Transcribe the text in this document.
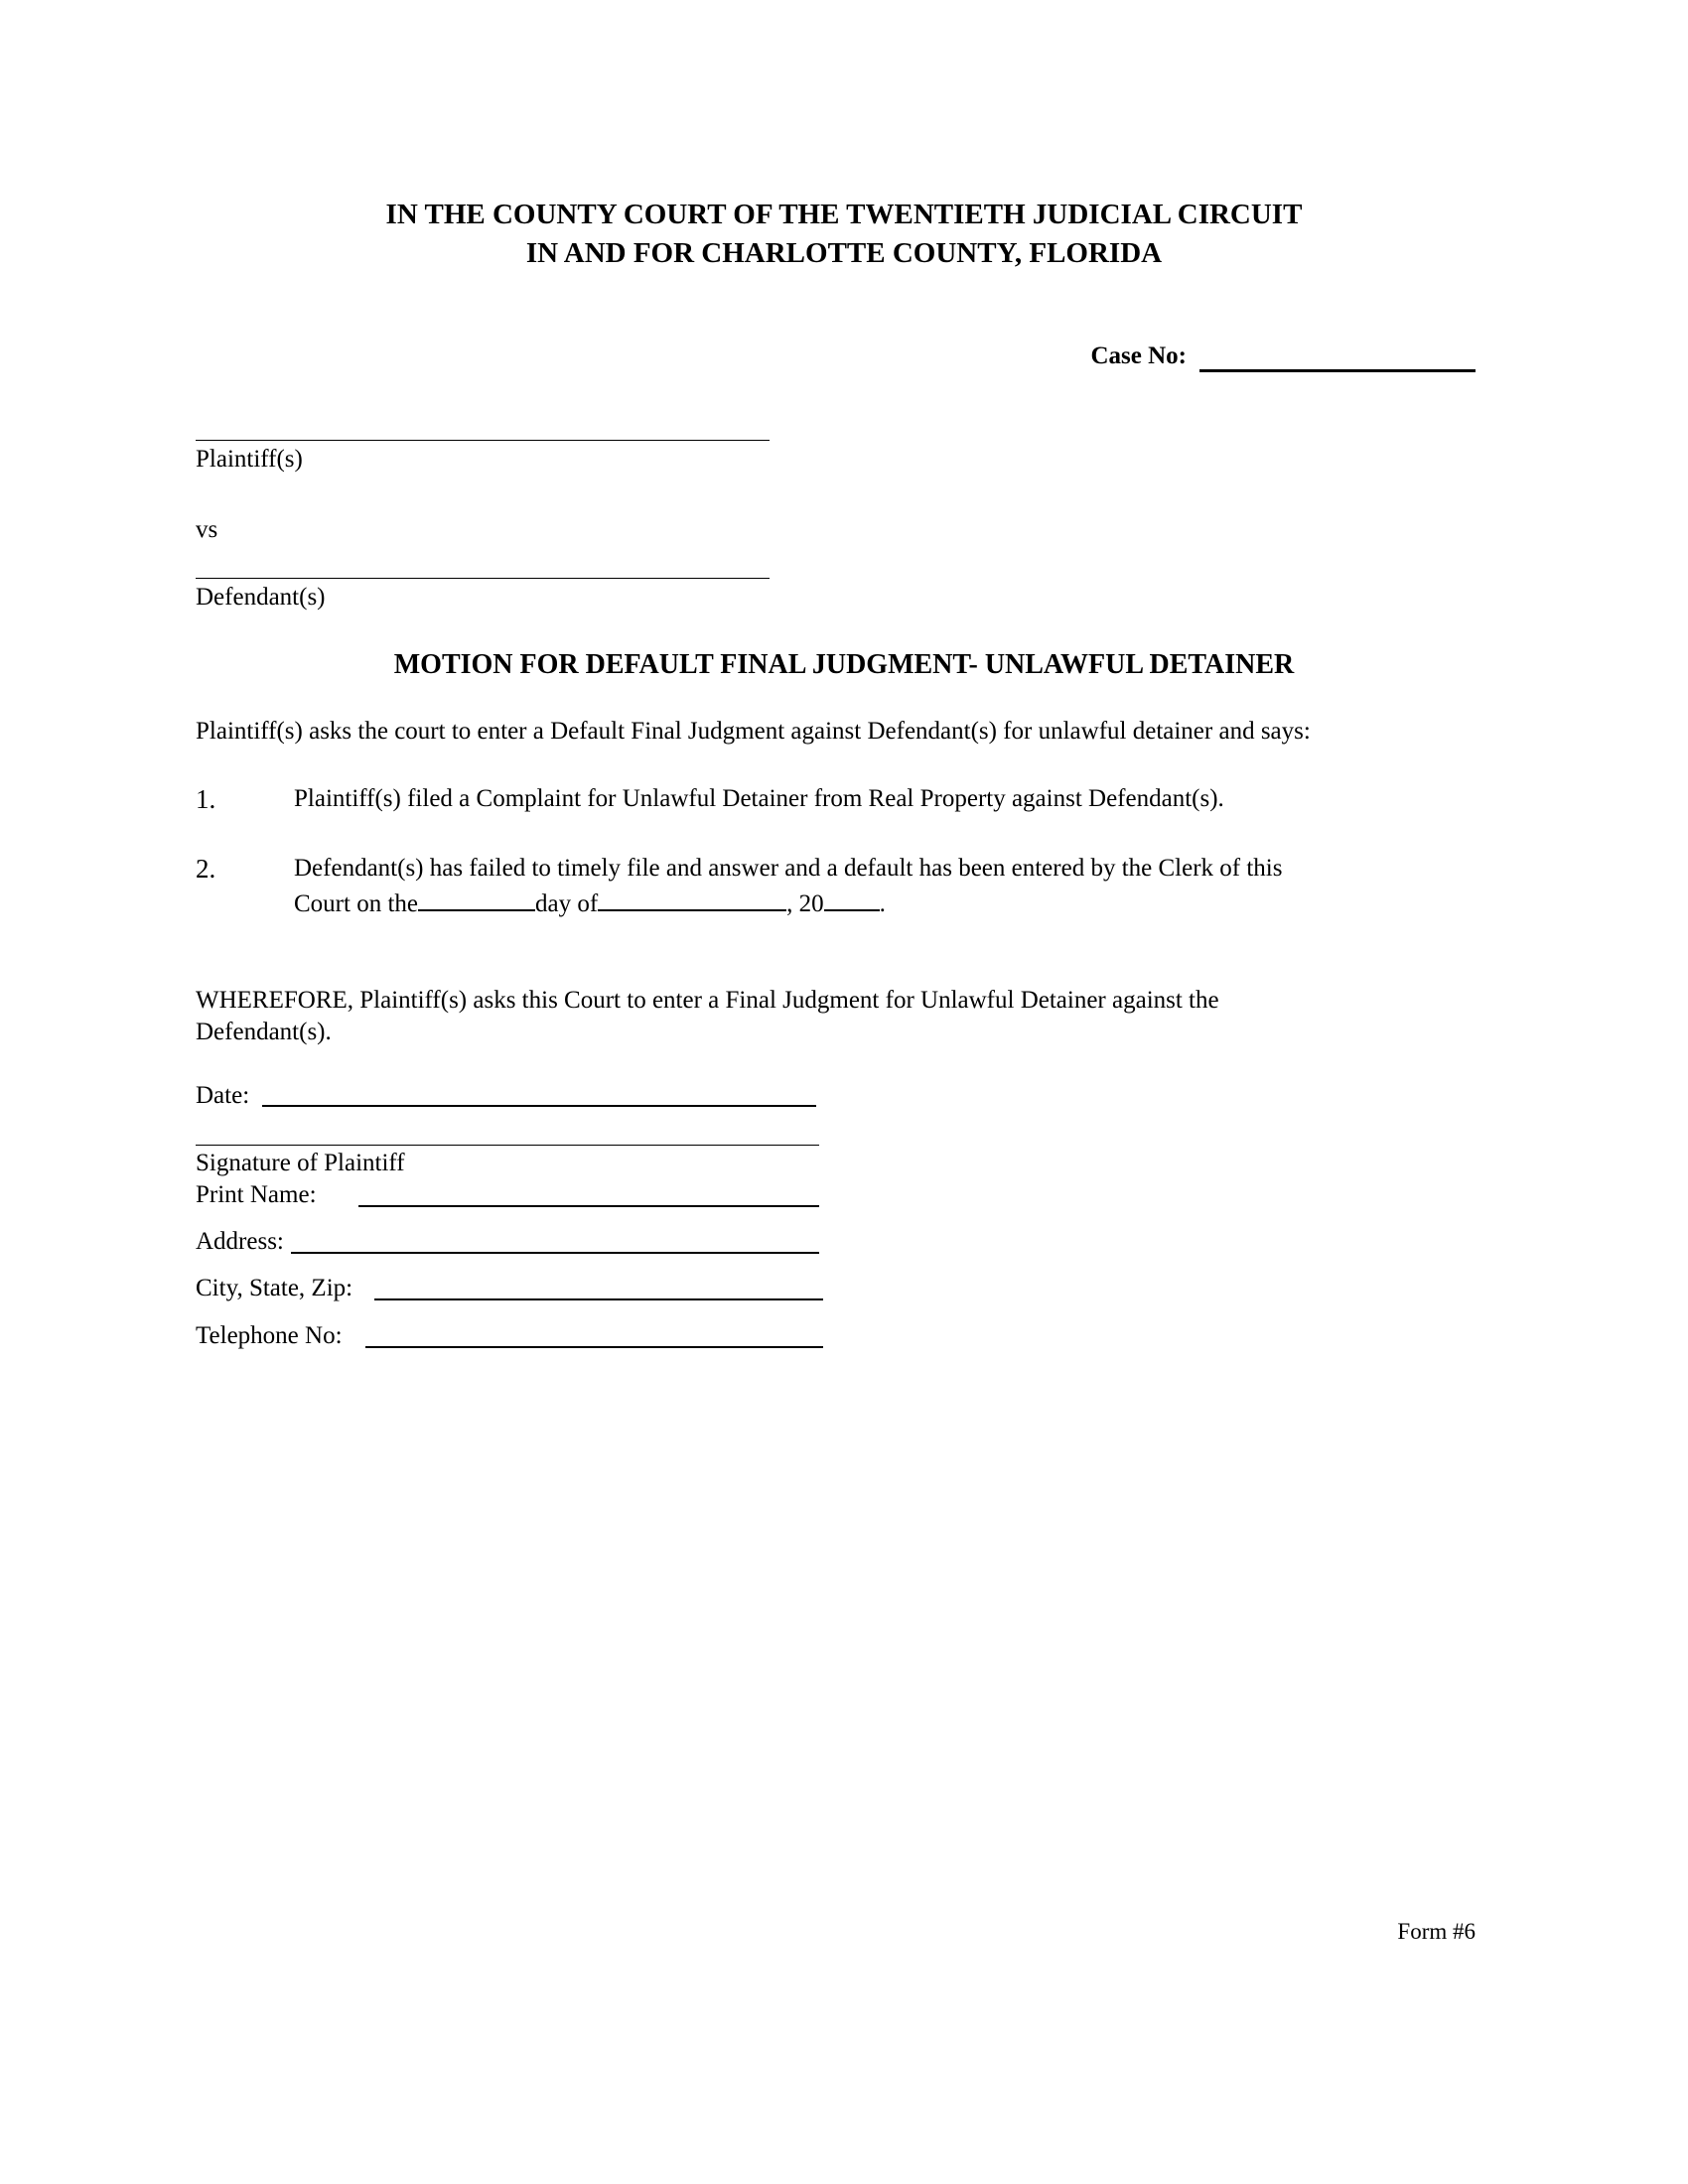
IN THE COUNTY COURT OF THE TWENTIETH JUDICIAL CIRCUIT
IN AND FOR CHARLOTTE COUNTY, FLORIDA
Case No:
Plaintiff(s)
vs
Defendant(s)
MOTION FOR DEFAULT FINAL JUDGMENT- UNLAWFUL DETAINER
Plaintiff(s) asks the court to enter a Default Final Judgment against Defendant(s) for unlawful detainer and says:
1.	Plaintiff(s) filed a Complaint for Unlawful Detainer from Real Property against Defendant(s).
2.	Defendant(s) has failed to timely file and answer and a default has been entered by the Clerk of this
Court on the	day of	, 20 .
WHEREFORE, Plaintiff(s) asks this Court to enter a Final Judgment for Unlawful Detainer against the
Defendant(s).
Date:
Signature of Plaintiff
Print Name:
Address:
City, State, Zip:
Telephone No:
Form #6
